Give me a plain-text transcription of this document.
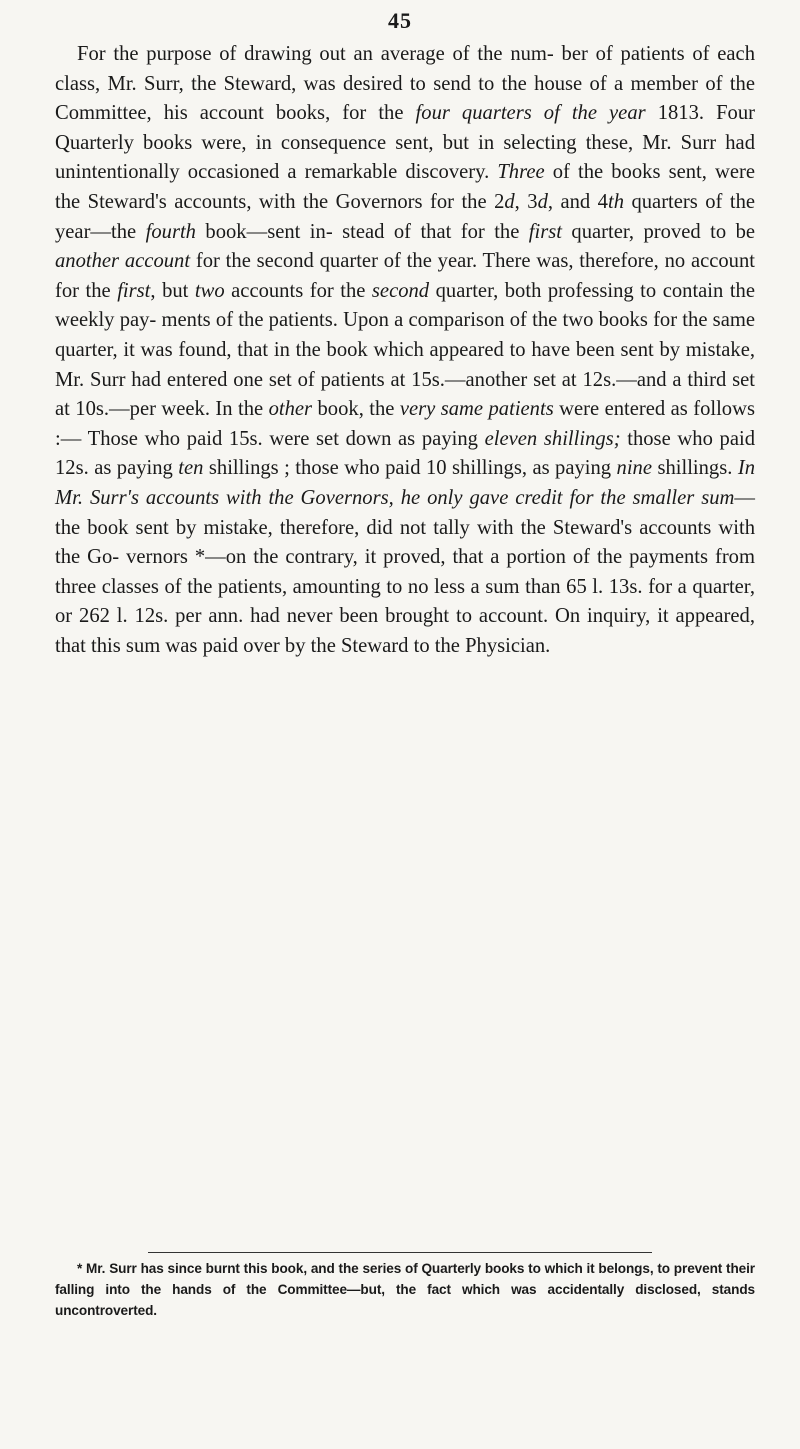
45

For the purpose of drawing out an average of the num- ber of patients of each class, Mr. Surr, the Steward, was desired to send to the house of a member of the Committee, his account books, for the four quarters of the year 1813. Four Quarterly books were, in consequence sent, but in selecting these, Mr. Surr had unintentionally occasioned a remarkable discovery. Three of the books sent, were the Steward's accounts, with the Governors for the 2d, 3d, and 4th quarters of the year—the fourth book—sent in- stead of that for the first quarter, proved to be another account for the second quarter of the year. There was, therefore, no account for the first, but two accounts for the second quarter, both professing to contain the weekly pay- ments of the patients. Upon a comparison of the two books for the same quarter, it was found, that in the book which appeared to have been sent by mistake, Mr. Surr had entered one set of patients at 15s.—another set at 12s.—and a third set at 10s.—per week. In the other book, the very same patients were entered as follows :— Those who paid 15s. were set down as paying eleven shillings; those who paid 12s. as paying ten shillings ; those who paid 10 shillings, as paying nine shillings. In Mr. Surr's accounts with the Governors, he only gave credit for the smaller sum—the book sent by mistake, therefore, did not tally with the Steward's accounts with the Go- vernors *—on the contrary, it proved, that a portion of the payments from three classes of the patients, amounting to no less a sum than 65 l. 13s. for a quarter, or 262 l. 12s. per ann. had never been brought to account. On inquiry, it appeared, that this sum was paid over by the Steward to the Physician.

* Mr. Surr has since burnt this book, and the series of Quarterly books to which it belongs, to prevent their falling into the hands of the Committee—but, the fact which was accidentally disclosed, stands uncontroverted.
